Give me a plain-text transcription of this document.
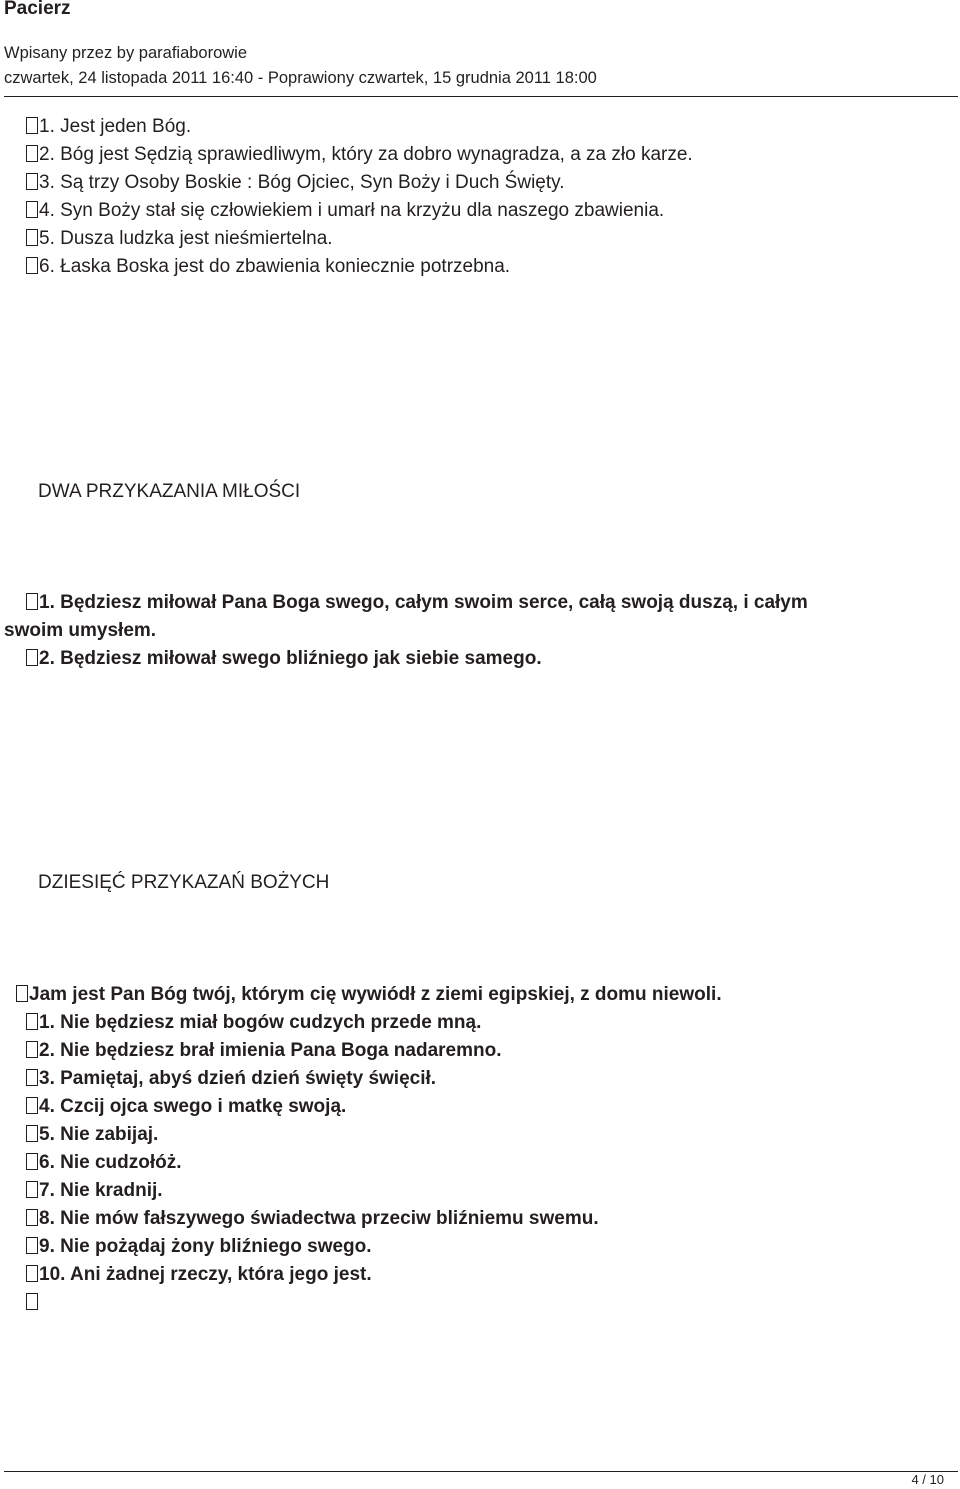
Pacierz
Wpisany przez by parafiaborowie
czwartek, 24 listopada 2011 16:40 - Poprawiony czwartek, 15 grudnia 2011 18:00
1. Jest jeden Bóg.
2. Bóg jest Sędzią sprawiedliwym, który za dobro wynagradza, a za zło karze.
3. Są trzy Osoby Boskie : Bóg Ojciec, Syn Boży i Duch Święty.
4. Syn Boży stał się człowiekiem i umarł na krzyżu dla naszego zbawienia.
5. Dusza ludzka jest nieśmiertelna.
6. Łaska Boska jest do zbawienia koniecznie potrzebna.
DWA PRZYKAZANIA MIŁOŚCI
1. Będziesz miłował Pana Boga swego, całym swoim serce, całą swoją duszą, i całym
swoim umysłem.
2. Będziesz miłował swego bliźniego jak siebie samego.
DZIESIĘĆ PRZYKAZAŃ BOŻYCH
Jam jest Pan Bóg twój, którym cię wywiódł z ziemi egipskiej, z domu niewoli.
1. Nie będziesz miał bogów cudzych przede mną.
2. Nie będziesz brał imienia Pana Boga nadaremno.
3. Pamiętaj, abyś dzień dzień święty święcił.
4. Czcij ojca swego i matkę swoją.
5. Nie zabijaj.
6. Nie cudzołóż.
7. Nie kradnij.
8. Nie mów fałszywego świadectwa przeciw bliźniemu swemu.
9. Nie pożądaj żony bliźniego swego.
10. Ani żadnej rzeczy, która jego jest.
4 / 10
